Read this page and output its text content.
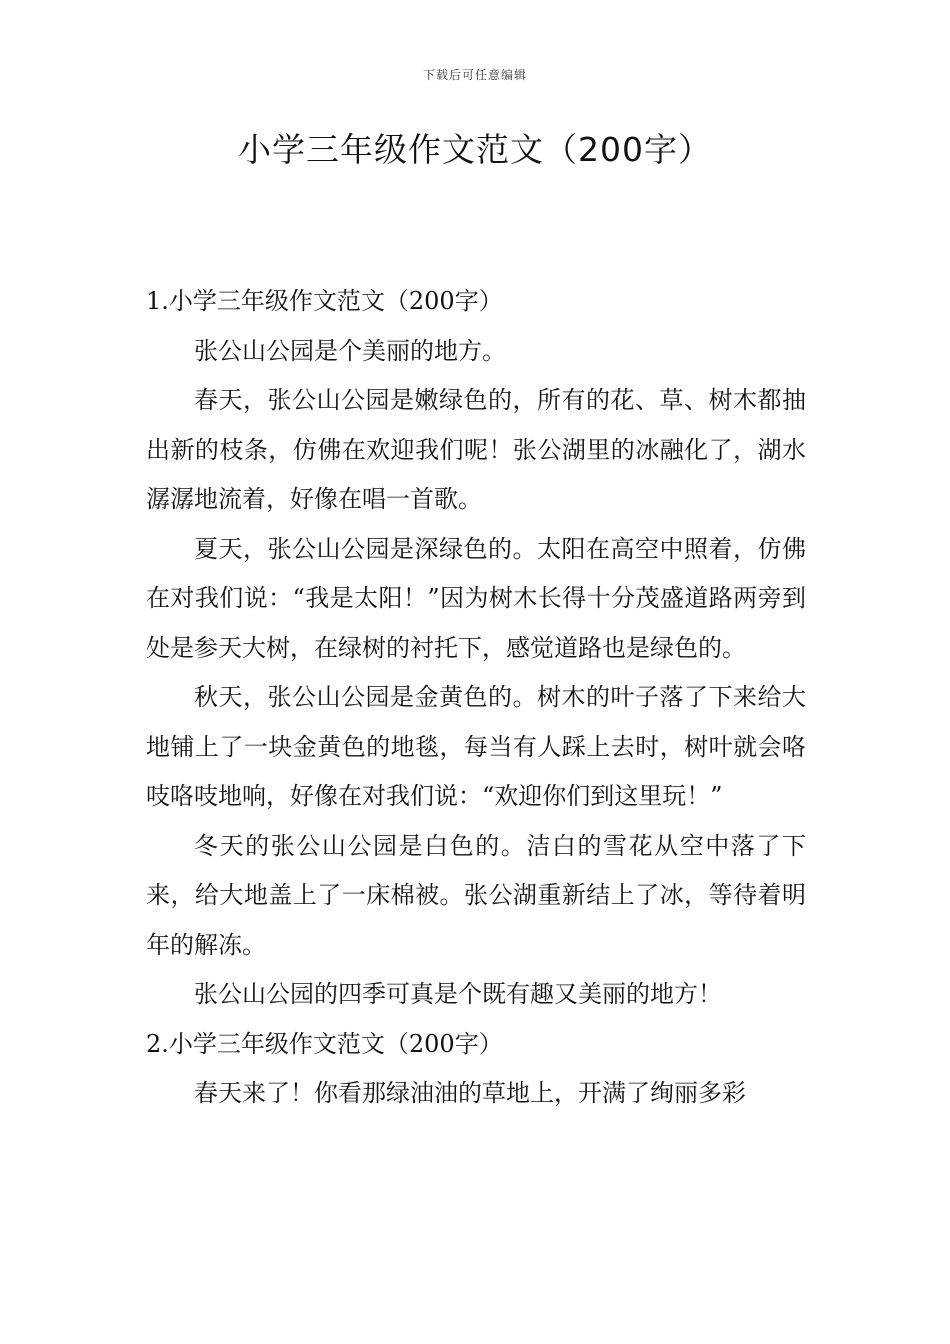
下载后可任意编辑
小学三年级作文范文（200字）

1.小学三年级作文范文（200字）

张公山公园是个美丽的地方。

春天，张公山公园是嫩绿色的，所有的花、草、树木都抽出新的枝条，仿佛在欢迎我们呢！张公湖里的冰融化了，湖水潺潺地流着，好像在唱一首歌。

夏天，张公山公园是深绿色的。太阳在高空中照着，仿佛在对我们说：“我是太阳！”因为树木长得十分茂盛道路两旁到处是参天大树，在绿树的衬托下，感觉道路也是绿色的。

秋天，张公山公园是金黄色的。树木的叶子落了下来给大地铺上了一块金黄色的地毯，每当有人踩上去时，树叶就会咯吱咯吱地响，好像在对我们说：“欢迎你们到这里玩！”

冬天的张公山公园是白色的。洁白的雪花从空中落了下来，给大地盖上了一床棉被。张公湖重新结上了冰，等待着明年的解冻。

张公山公园的四季可真是个既有趣又美丽的地方！

2.小学三年级作文范文（200字）

春天来了！你看那绿油油的草地上，开满了绚丽多彩
